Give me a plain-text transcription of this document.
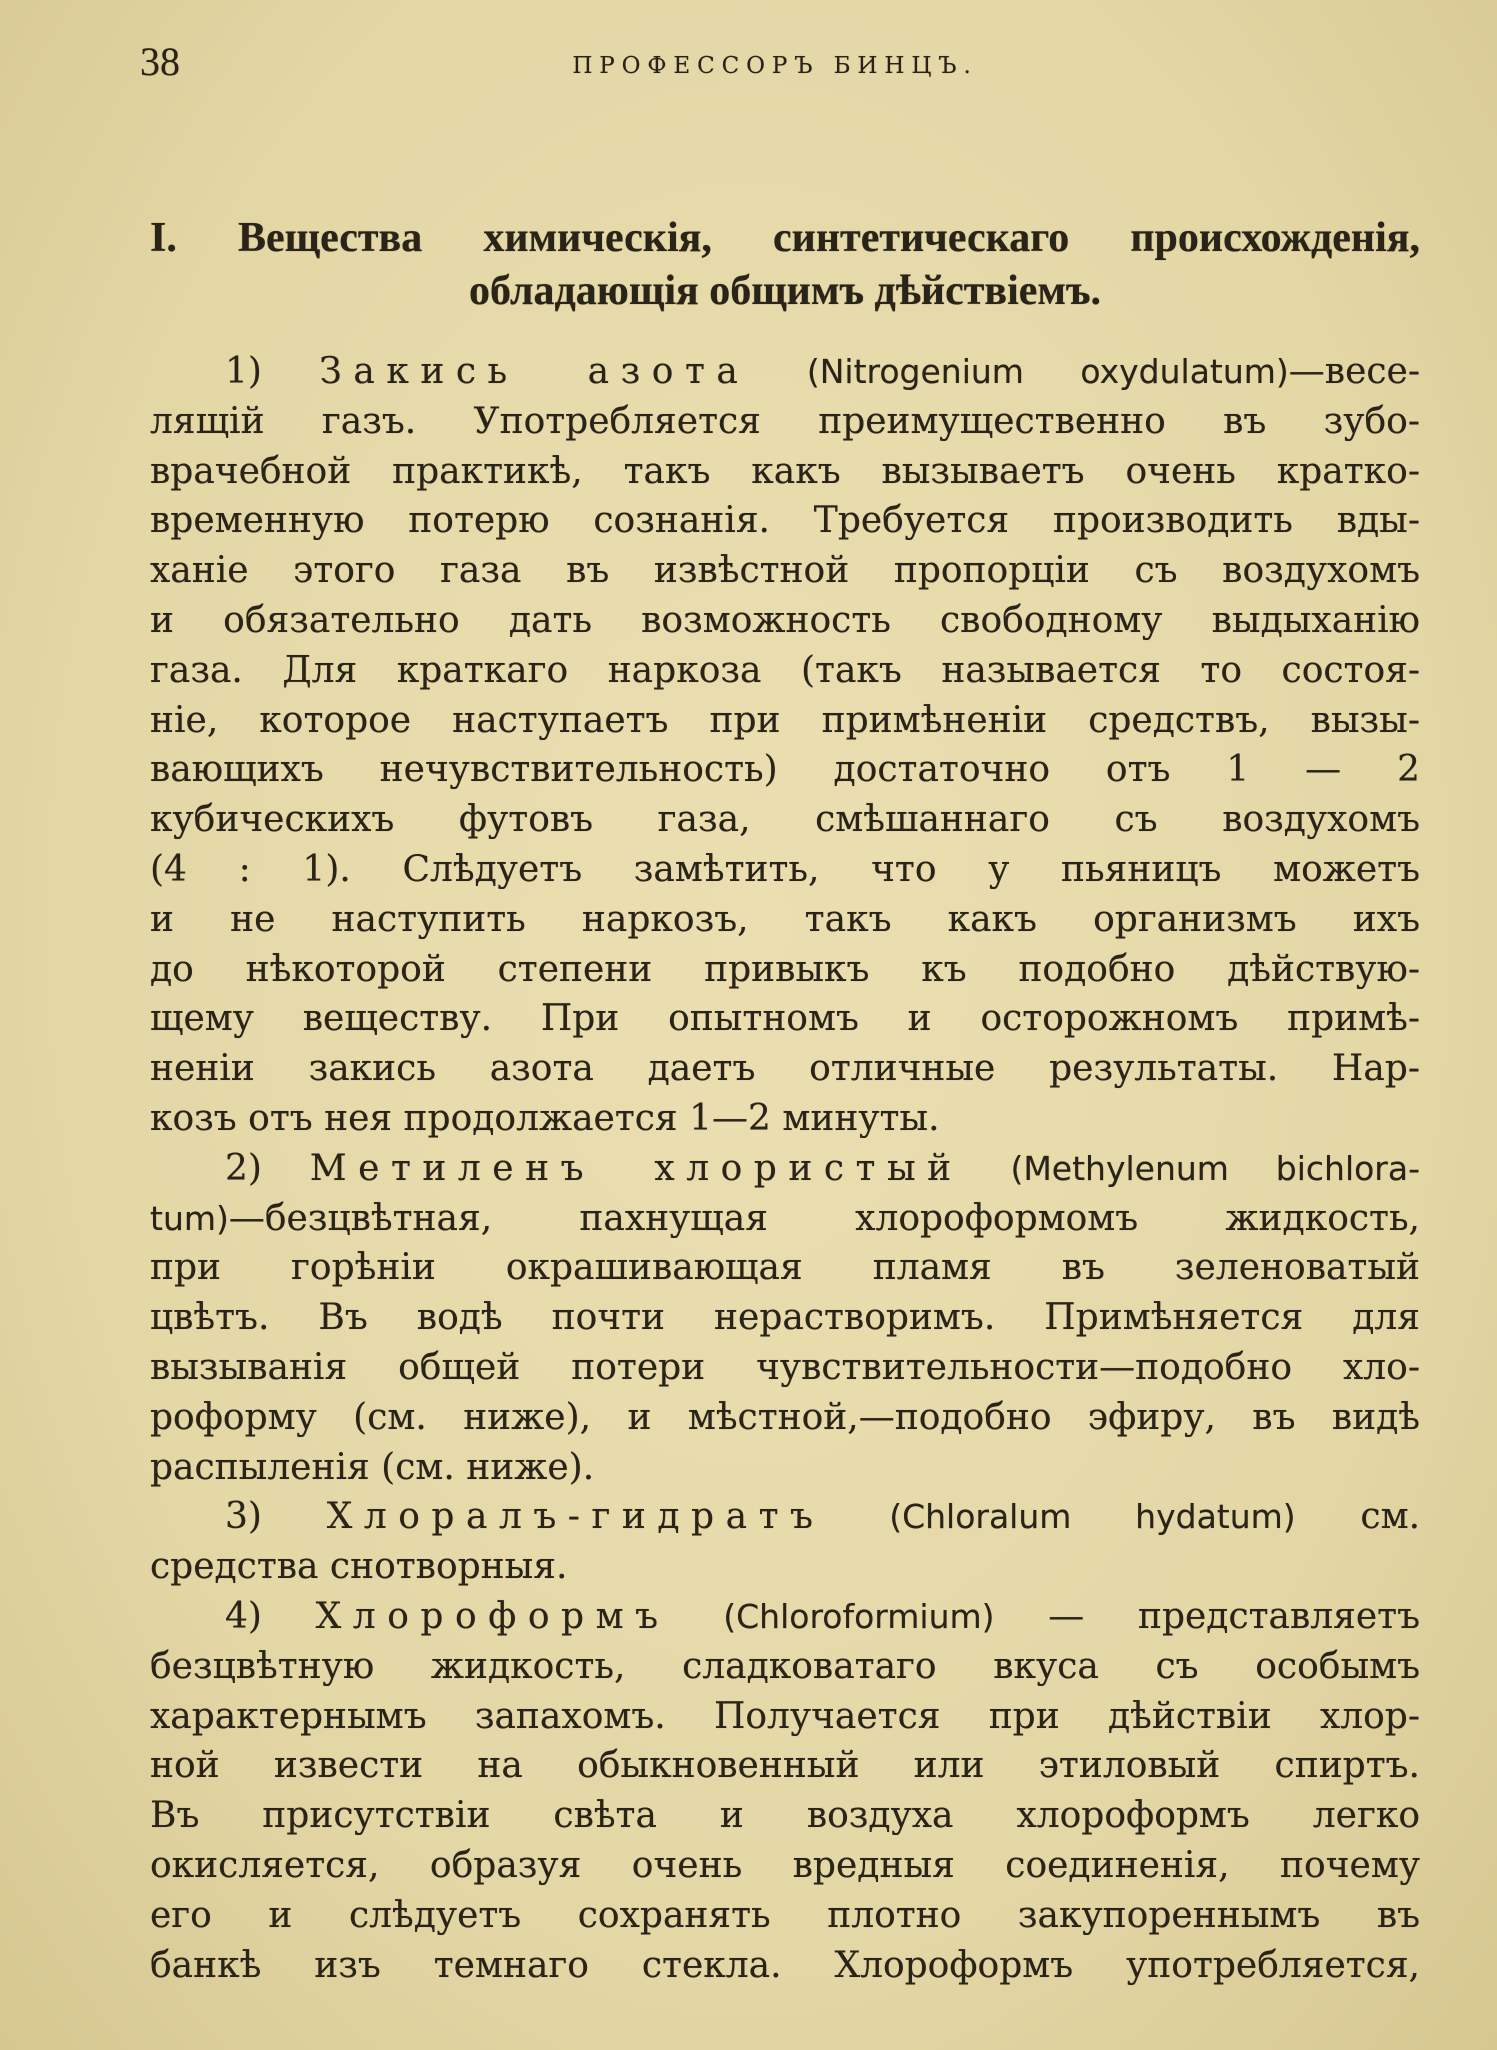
38	ПРОФЕССОРЪ БИНЦЪ.
I. Вещества химическія, синтетическаго происхожденія,
обладающія общимъ дѣйствіемъ.
1) Закись азота (Nitrogenium oxydulatum)—весе-
лящій газъ. Употребляется преимущественно въ зубо-
врачебной практикѣ, такъ какъ вызываетъ очень кратко-
временную потерю сознанія. Требуется производить вды-
ханіе этого газа въ извѣстной пропорціи съ воздухомъ
и обязательно дать возможность свободному выдыханію
газа. Для краткаго наркоза (такъ называется то состоя-
ніе, которое наступаетъ при примѣненіи средствъ, вызы-
вающихъ нечувствительность) достаточно отъ 1 — 2
кубическихъ футовъ газа, смѣшаннаго съ воздухомъ
(4 : 1). Слѣдуетъ замѣтить, что у пьяницъ можетъ
и не наступить наркозъ, такъ какъ организмъ ихъ
до нѣкоторой степени привыкъ къ подобно дѣйствую-
щему веществу. При опытномъ и осторожномъ примѣ-
неніи закись азота даетъ отличные результаты. Нар-
козъ отъ нея продолжается 1—2 минуты.
2) Метиленъ хлористый (Methylenum bichlora-
tum)—безцвѣтная, пахнущая хлороформомъ жидкость,
при горѣніи окрашивающая пламя въ зеленоватый
цвѣтъ. Въ водѣ почти нерастворимъ. Примѣняется для
вызыванія общей потери чувствительности—подобно хло-
роформу (см. ниже), и мѣстной,—подобно эфиру, въ видѣ
распыленія (см. ниже).
3) Хлоралъ-гидратъ (Chloralum hydatum) см.
средства снотворныя.
4) Хлороформъ (Chloroformium) — представляетъ
безцвѣтную жидкость, сладковатаго вкуса съ особымъ
характернымъ запахомъ. Получается при дѣйствіи хлор-
ной извести на обыкновенный или этиловый спиртъ.
Въ присутствіи свѣта и воздуха хлороформъ легко
окисляется, образуя очень вредныя соединенія, почему
его и слѣдуетъ сохранять плотно закупореннымъ въ
банкѣ изъ темнаго стекла. Хлороформъ употребляется,
